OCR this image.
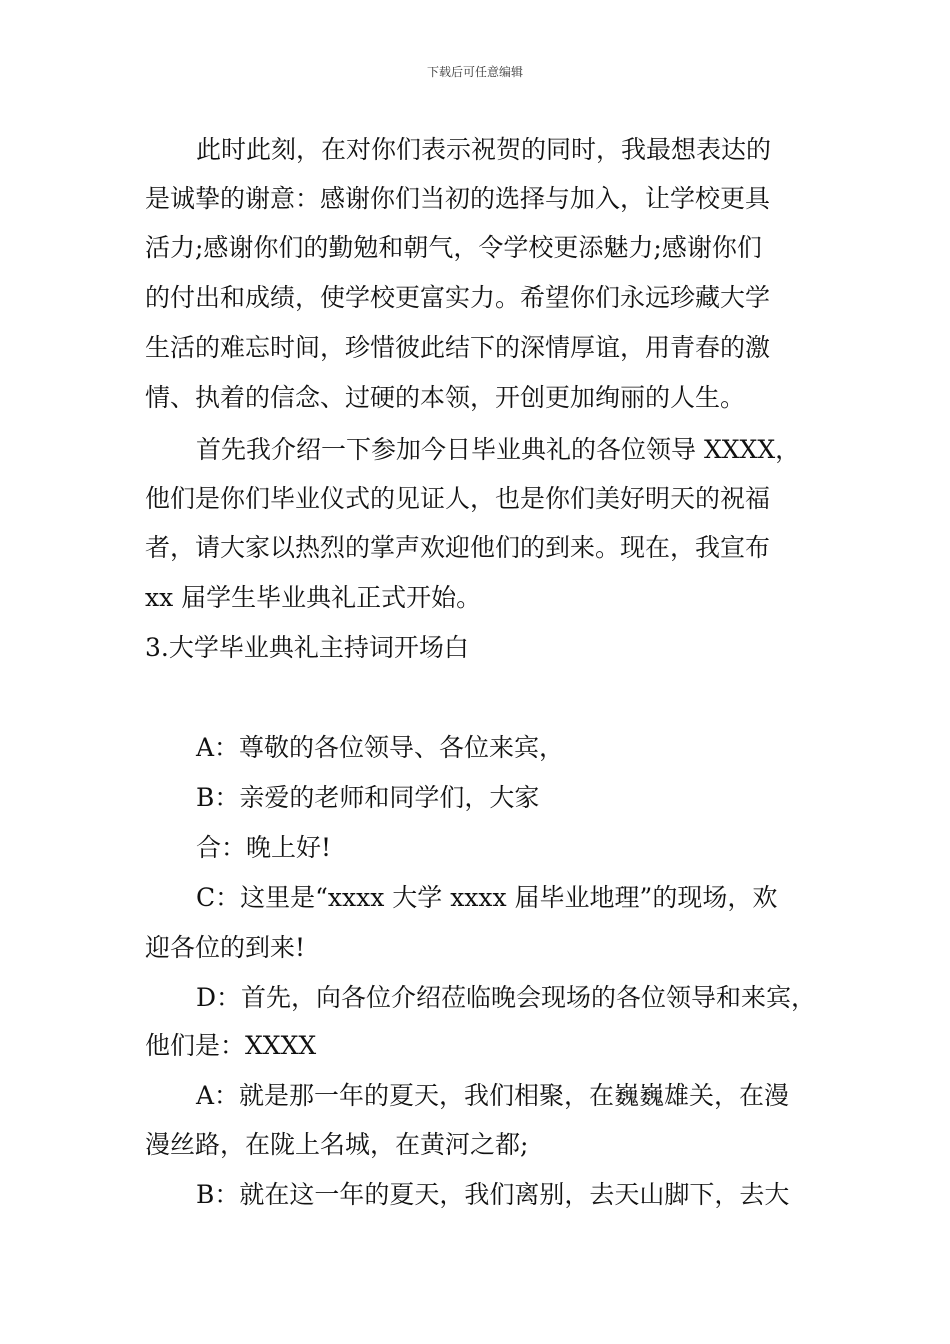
下载后可任意编辑
此时此刻，在对你们表示祝贺的同时，我最想表达的
是诚挚的谢意：感谢你们当初的选择与加入，让学校更具
活力;感谢你们的勤勉和朝气，令学校更添魅力;感谢你们
的付出和成绩，使学校更富实力。希望你们永远珍藏大学
生活的难忘时间，珍惜彼此结下的深情厚谊，用青春的激
情、执着的信念、过硬的本领，开创更加绚丽的人生。
首先我介绍一下参加今日毕业典礼的各位领导 XXXX，
他们是你们毕业仪式的见证人，也是你们美好明天的祝福
者，请大家以热烈的掌声欢迎他们的到来。现在，我宣布
xx 届学生毕业典礼正式开始。
3.大学毕业典礼主持词开场白
A：尊敬的各位领导、各位来宾，
B：亲爱的老师和同学们，大家
合：晚上好!
C：这里是“xxxx 大学 xxxx 届毕业地理”的现场，欢
迎各位的到来!
D：首先，向各位介绍莅临晚会现场的各位领导和来宾，
他们是：XXXX
A：就是那一年的夏天，我们相聚，在巍巍雄关，在漫
漫丝路，在陇上名城，在黄河之都;
B：就在这一年的夏天，我们离别，去天山脚下，去大
